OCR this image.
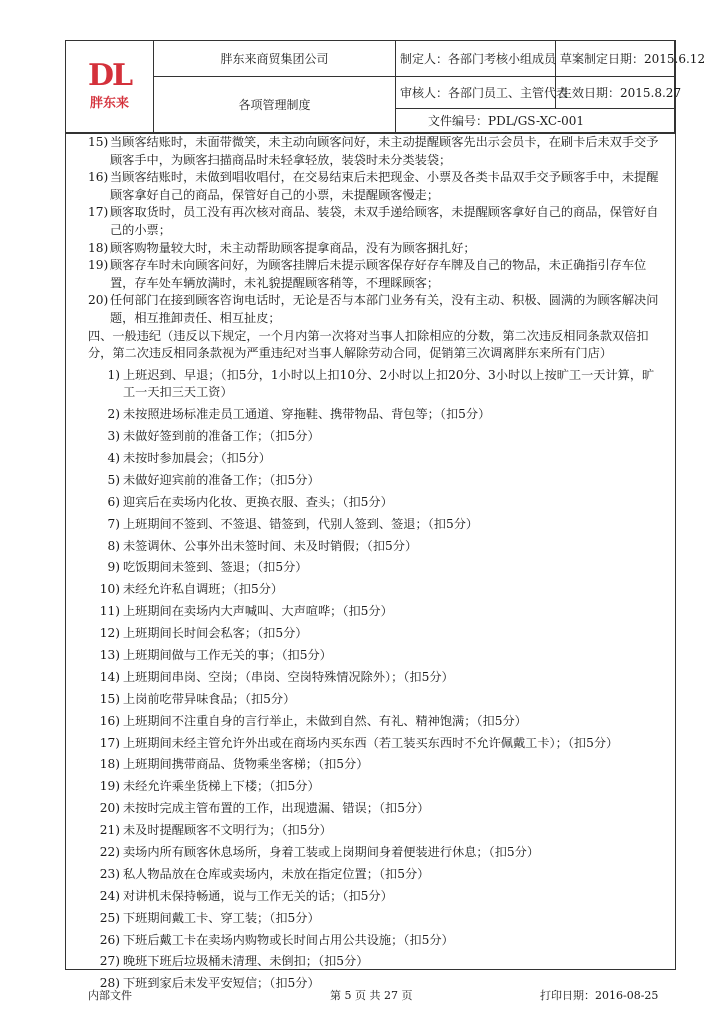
DL
胖东来
胖东来商贸集团公司
各项管理制度
制定人：各部门考核小组成员
审核人：各部门员工、主管代表
草案制定日期：2015.6.12
生效日期：2015.8.27
文件编号：PDL/GS-XC-001
15) 当顾客结账时，未面带微笑，未主动向顾客问好，未主动提醒顾客先出示会员卡，在刷卡后未双手交予顾客手中，为顾客扫描商品时未轻拿轻放，装袋时未分类装袋；
16) 当顾客结账时，未做到唱收唱付，在交易结束后未把现金、小票及各类卡品双手交予顾客手中，未提醒顾客拿好自己的商品，保管好自己的小票，未提醒顾客慢走；
17) 顾客取货时，员工没有再次核对商品、装袋，未双手递给顾客，未提醒顾客拿好自己的商品，保管好自己的小票；
18) 顾客购物量较大时，未主动帮助顾客提拿商品，没有为顾客捆扎好；
19) 顾客存车时未向顾客问好，为顾客挂牌后未提示顾客保存好存车牌及自己的物品，未正确指引存车位置，存车处车辆放满时，未礼貌提醒顾客稍等，不理睬顾客；
20) 任何部门在接到顾客咨询电话时，无论是否与本部门业务有关，没有主动、积极、圆满的为顾客解决问题，相互推卸责任、相互扯皮；
四、一般违纪（违反以下规定，一个月内第一次将对当事人扣除相应的分数，第二次违反相同条款双倍扣分，第二次违反相同条款视为严重违纪对当事人解除劳动合同，促销第三次调离胖东来所有门店）
1) 上班迟到、早退；（扣5分，1小时以上扣10分、2小时以上扣20分、3小时以上按旷工一天计算，旷工一天扣三天工资）
2) 未按照进场标准走员工通道、穿拖鞋、携带物品、背包等；（扣5分）
3) 未做好签到前的准备工作；（扣5分）
4) 未按时参加晨会；（扣5分）
5) 未做好迎宾前的准备工作；（扣5分）
6) 迎宾后在卖场内化妆、更换衣服、查头；（扣5分）
7) 上班期间不签到、不签退、错签到，代别人签到、签退；（扣5分）
8) 未签调休、公事外出未签时间、未及时销假；（扣5分）
9) 吃饭期间未签到、签退；（扣5分）
10) 未经允许私自调班；（扣5分）
11) 上班期间在卖场内大声喊叫、大声喧哗；（扣5分）
12) 上班期间长时间会私客；（扣5分）
13) 上班期间做与工作无关的事；（扣5分）
14) 上班期间串岗、空岗；（串岗、空岗特殊情况除外）；（扣5分）
15) 上岗前吃带异味食品；（扣5分）
16) 上班期间不注重自身的言行举止，未做到自然、有礼、精神饱满；（扣5分）
17) 上班期间未经主管允许外出或在商场内买东西（若工装买东西时不允许佩戴工卡）；（扣5分）
18) 上班期间携带商品、货物乘坐客梯；（扣5分）
19) 未经允许乘坐货梯上下楼；（扣5分）
20) 未按时完成主管布置的工作，出现遗漏、错误；（扣5分）
21) 未及时提醒顾客不文明行为；（扣5分）
22) 卖场内所有顾客休息场所，身着工装或上岗期间身着便装进行休息；（扣5分）
23) 私人物品放在仓库或卖场内，未放在指定位置；（扣5分）
24) 对讲机未保持畅通，说与工作无关的话；（扣5分）
25) 下班期间戴工卡、穿工装；（扣5分）
26) 下班后戴工卡在卖场内购物或长时间占用公共设施；（扣5分）
27) 晚班下班后垃圾桶未清理、未倒扣；（扣5分）
28) 下班到家后未发平安短信；（扣5分）
内部文件	第 5 页 共 27 页	打印日期：2016-08-25
